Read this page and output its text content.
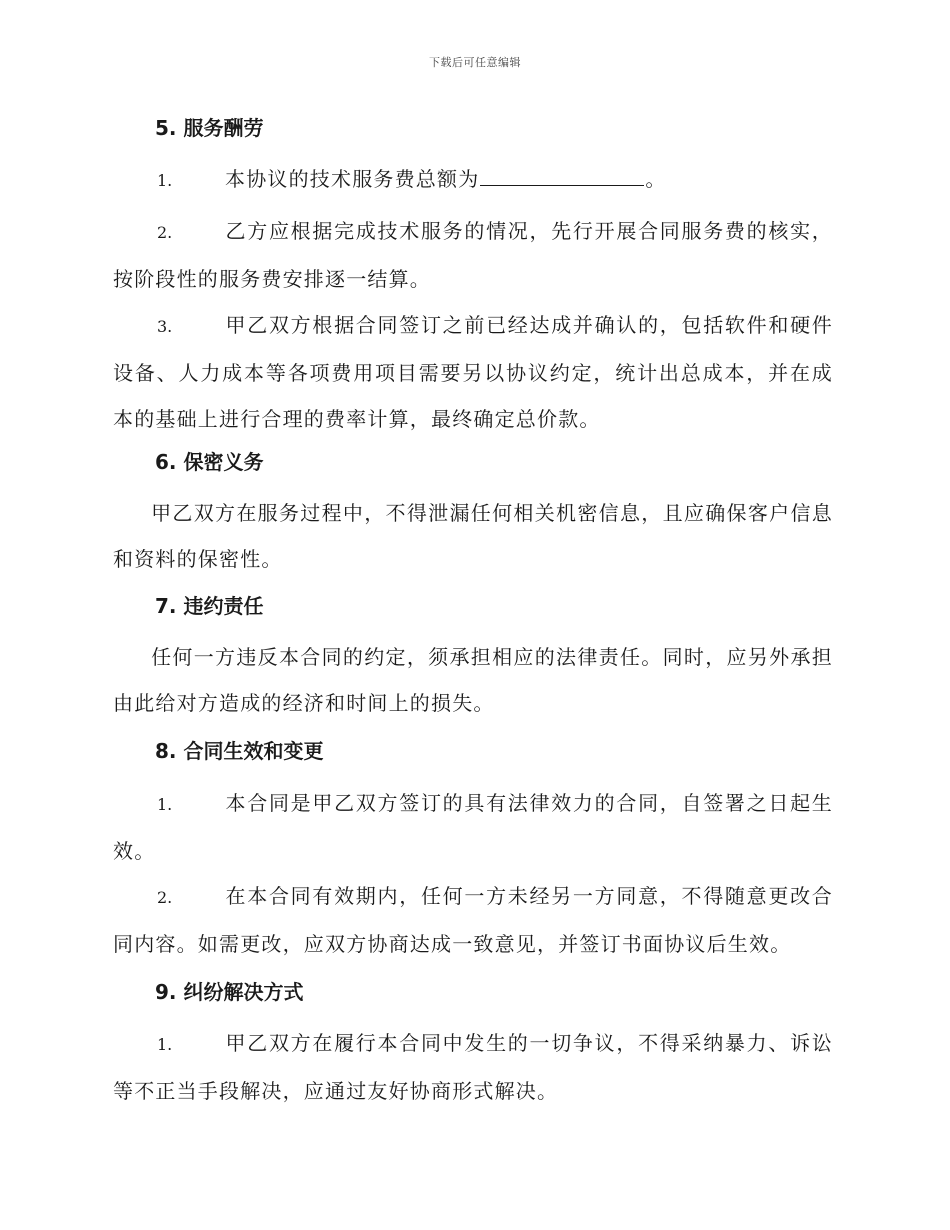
下载后可任意编辑
5. 服务酬劳
1.	本协议的技术服务费总额为	。
2.	乙方应根据完成技术服务的情况，先行开展合同服务费的核实，按阶段性的服务费安排逐一结算。
3.	甲乙双方根据合同签订之前已经达成并确认的，包括软件和硬件设备、人力成本等各项费用项目需要另以协议约定，统计出总成本，并在成本的基础上进行合理的费率计算，最终确定总价款。
6. 保密义务
甲乙双方在服务过程中，不得泄漏任何相关机密信息，且应确保客户信息和资料的保密性。
7. 违约责任
任何一方违反本合同的约定，须承担相应的法律责任。同时，应另外承担由此给对方造成的经济和时间上的损失。
8. 合同生效和变更
1.	本合同是甲乙双方签订的具有法律效力的合同，自签署之日起生效。
2.	在本合同有效期内，任何一方未经另一方同意，不得随意更改合同内容。如需更改，应双方协商达成一致意见，并签订书面协议后生效。
9. 纠纷解决方式
1.	甲乙双方在履行本合同中发生的一切争议，不得采纳暴力、诉讼等不正当手段解决，应通过友好协商形式解决。
